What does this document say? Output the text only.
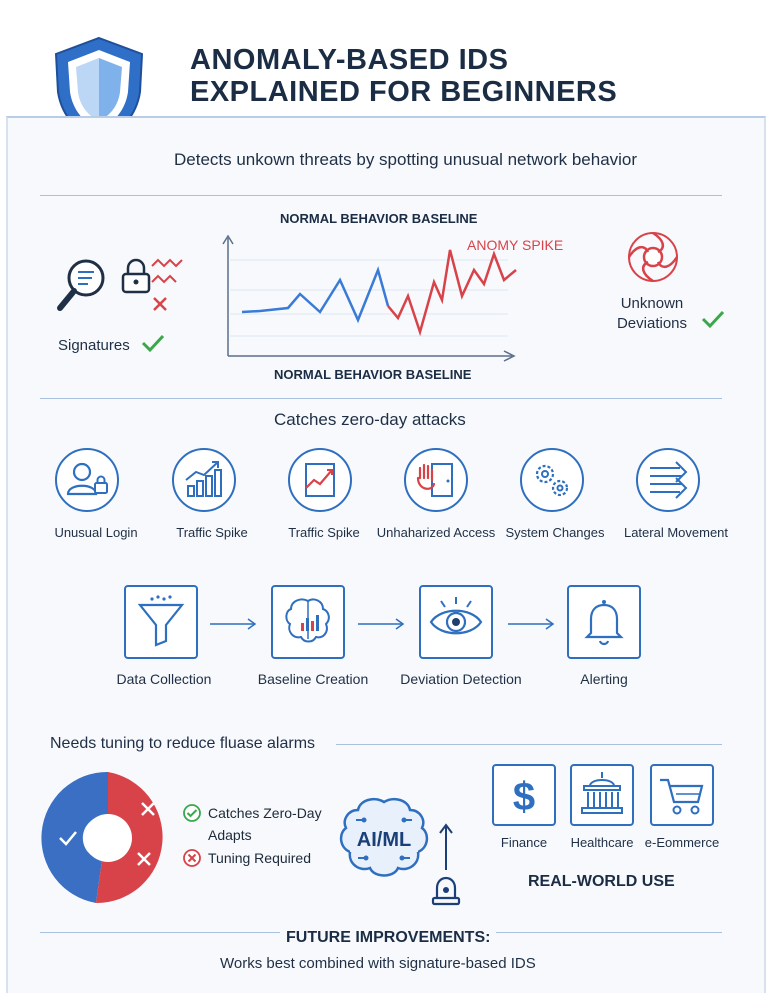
ANOMALY-BASED IDS
EXPLAINED FOR BEGINNERS
Detects unkown threats by spotting unusual network behavior
Signatures
NORMAL BEHAVIOR BASELINE
ANOMY SPIKE
NORMAL BEHAVIOR BASELINE
Unknown
Deviations
Catches zero-day attacks
Unusual Login	Traffic Spike	Traffic Spike	Unhaharized Access System Changes	Lateral Movement
Data Collection	Baseline Creation	Deviation Detection	Alerting
Needs tuning to reduce fluase alarms
Catches Zero-Day
Adapts
Tuning Required
AI/ML
$
Finance	Healthcare e-Eommerce
REAL-WORLD USE
FUTURE IMPROVEMENTS:
Works best combined with signature-based IDS
